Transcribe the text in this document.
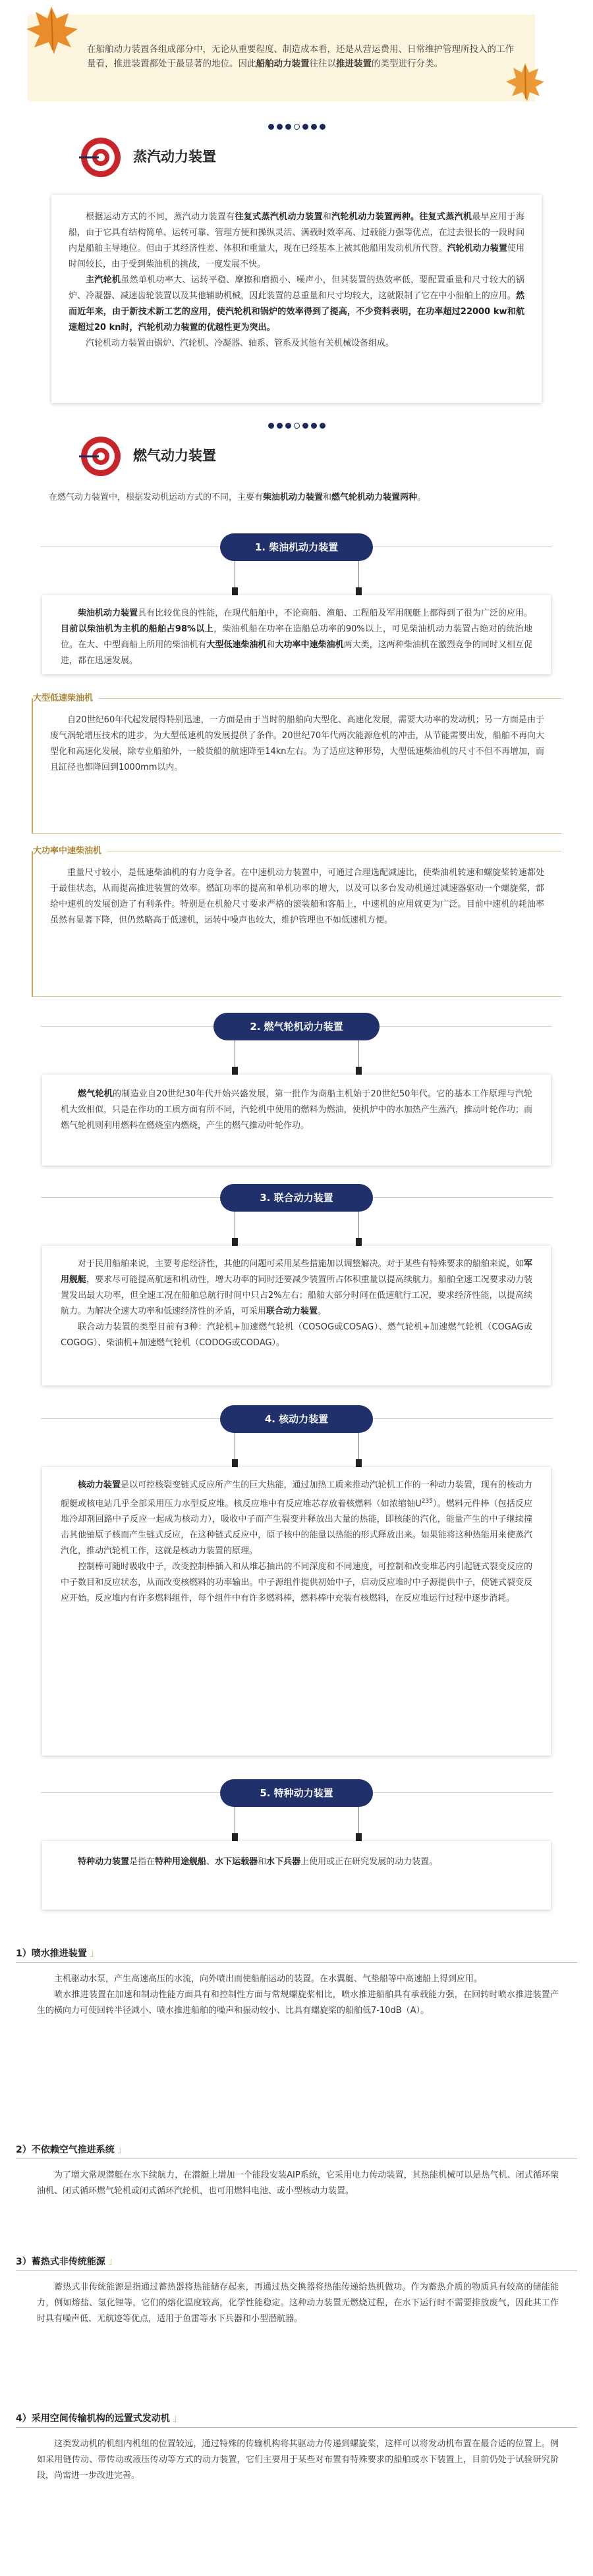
在船舶动力装置各组成部分中，无论从重要程度、制造成本看，还是从营运费用、日常维护管理所投入的工作量看，推进装置都处于最显著的地位。因此船舶动力装置往往以推进装置的类型进行分类。

蒸汽动力装置

根据运动方式的不同，蒸汽动力装置有往复式蒸汽机动力装置和汽轮机动力装置两种。往复式蒸汽机最早应用于海船，由于它具有结构简单、运转可靠、管理方便和操纵灵活、满载时效率高、过载能力强等优点，在过去很长的一段时间内是船舶主导地位。但由于其经济性差、体积和重量大，现在已经基本上被其他船用发动机所代替。汽轮机动力装置使用时间较长，由于受到柴油机的挑战，一度发展不快。

主汽轮机虽然单机功率大、运转平稳、摩擦和磨损小、噪声小，但其装置的热效率低，要配置重量和尺寸较大的锅炉、冷凝器、减速齿轮装置以及其他辅助机械，因此装置的总重量和尺寸均较大，这就限制了它在中小船舶上的应用。然而近年来，由于新技术新工艺的应用，使汽轮机和锅炉的效率得到了提高，不少资料表明，在功率超过22000 kw和航速超过20 kn时，汽轮机动力装置的优越性更为突出。

汽轮机动力装置由锅炉、汽轮机、冷凝器、轴系、管系及其他有关机械设备组成。

燃气动力装置

在燃气动力装置中，根据发动机运动方式的不同，主要有柴油机动力装置和燃气轮机动力装置两种。

1. 柴油机动力装置

柴油机动力装置具有比较优良的性能，在现代船舶中，不论商船、渔船、工程船及军用舰艇上都得到了很为广泛的应用。目前以柴油机为主机的船舶占98%以上，柴油机船在功率在造船总功率的90%以上，可见柴油机动力装置占绝对的统治地位。在大、中型商船上所用的柴油机有大型低速柴油机和大功率中速柴油机两大类，这两种柴油机在激烈竞争的同时又相互促进，都在迅速发展。

大型低速柴油机

自20世纪60年代起发展得特别迅速，一方面是由于当时的船舶向大型化、高速化发展，需要大功率的发动机；另一方面是由于废气涡轮增压技术的进步，为大型低速机的发展提供了条件。20世纪70年代两次能源危机的冲击，从节能需要出发，船舶不再向大型化和高速化发展，除专业船舶外，一般货船的航速降至14kn左右。为了适应这种形势，大型低速柴油机的尺寸不但不再增加，而且缸径也都降回到1000mm以内。

大功率中速柴油机

重量尺寸较小，是低速柴油机的有力竞争者。在中速机动力装置中，可通过合理选配减速比，使柴油机转速和螺旋桨转速都处于最佳状态，从而提高推进装置的效率。燃缸功率的提高和单机功率的增大，以及可以多台发动机通过减速器驱动一个螺旋桨，都给中速机的发展创造了有利条件。特别是在机舱尺寸要求严格的滚装船和客船上，中速机的应用就更为广泛。目前中速机的耗油率虽然有显著下降，但仍然略高于低速机，运转中噪声也较大，维护管理也不如低速机方便。

2. 燃气轮机动力装置

燃气轮机的制造业自20世纪30年代开始兴盛发展，第一批作为商船主机始于20世纪50年代。它的基本工作原理与汽轮机大致相似，只是在作功的工质方面有所不同，汽轮机中使用的燃料为燃油，使机炉中的水加热产生蒸汽，推动叶轮作功；而燃气轮机则利用燃料在燃烧室内燃烧，产生的燃气推动叶轮作功。

3. 联合动力装置

对于民用船舶来说，主要考虑经济性，其他的问题可采用某些措施加以调整解决。对于某些有特殊要求的船舶来说，如军用舰艇，要求尽可能提高航速和机动性，增大功率的同时还要减少装置所占体积重量以提高续航力。船舶全速工况要求动力装置发出最大功率，但全速工况在船舶总航行时间中只占2%左右；船舶大部分时间在低速航行工况，要求经济性能，以提高续航力。为解决全速大功率和低速经济性的矛盾，可采用联合动力装置。

联合动力装置的类型目前有3种：汽轮机+加速燃气轮机（COSOG或COSAG）、燃气轮机+加速燃气轮机（COGAG或COGOG）、柴油机+加速燃气轮机（CODOG或CODAG）。

4. 核动力装置

核动力装置是以可控核裂变链式反应所产生的巨大热能，通过加热工质来推动汽轮机工作的一种动力装置，现有的核动力舰艇或核电站几乎全部采用压力水型反应堆。核反应堆中有反应堆芯存放着核燃料（如浓缩铀$U^{235}$）。燃料元件棒（包括反应堆冷却剂回路中子反应一起成为核动力），吸收中子而产生裂变并释放出大量的热能，即核能的汽化，能量产生的中子继续撞击其他铀原子核而产生链式反应，在这种链式反应中，原子核中的能量以热能的形式释放出来。如果能将这种热能用来使蒸汽汽化，推动汽轮机工作，这就是核动力装置的原理。

控制棒可随时吸收中子，改变控制棒插入和从堆芯抽出的不同深度和不同速度，可控制和改变堆芯内引起链式裂变反应的中子数目和反应状态，从而改变核燃料的功率输出。中子源组件提供初始中子，启动反应堆时中子源提供中子，使链式裂变反应开始。反应堆内有许多燃料组件，每个组件中有许多燃料棒，燃料棒中充装有核燃料，在反应堆运行过程中逐步消耗。

5. 特种动力装置

特种动力装置是指在特种用途舰船、水下运载器和水下兵器上使用或正在研究发展的动力装置。

1）喷水推进装置 」

主机驱动水泵，产生高速高压的水流，向外喷出而使船舶运动的装置。在水翼艇、气垫船等中高速船上得到应用。

喷水推进装置在加速和制动性能方面具有和控制性方面与常规螺旋桨相比，喷水推进船舶具有承载能力强，在回转时喷水推进装置产生的横向力可使回转半径减小、喷水推进船舶的噪声和振动较小、比具有螺旋桨的船舶低7-10dB（A）。

2）不依赖空气推进系统 」

为了增大常规潜艇在水下续航力，在潜艇上增加一个能段安装AIP系统，它采用电力传动装置，其热能机械可以是热气机、闭式循环柴油机、闭式循环燃气轮机或闭式循环汽轮机，也可用燃料电池、或小型核动力装置。

3）蓄热式非传统能源 」

蓄热式非传统能源是指通过蓄热器将热能储存起来，再通过热交换器将热能传递给热机做功。作为蓄热介质的物质具有较高的储能能力，例如熔盐、氢化锂等，它们的熔化温度较高，化学性能稳定。这种动力装置无燃烧过程，在水下运行时不需要排放废气，因此其工作时具有噪声低、无航迹等优点，适用于鱼雷等水下兵器和小型潜航器。

4）采用空间传输机构的远置式发动机 」

这类发动机的机组内机组的位置较远，通过特殊的传输机构将其驱动力传递到螺旋桨，这样可以将发动机布置在最合适的位置上。例如采用链传动、带传动或液压传动等方式的动力装置，它们主要用于某些对布置有特殊要求的船舶或水下装置上，目前仍处于试验研究阶段，尚需进一步改进完善。
